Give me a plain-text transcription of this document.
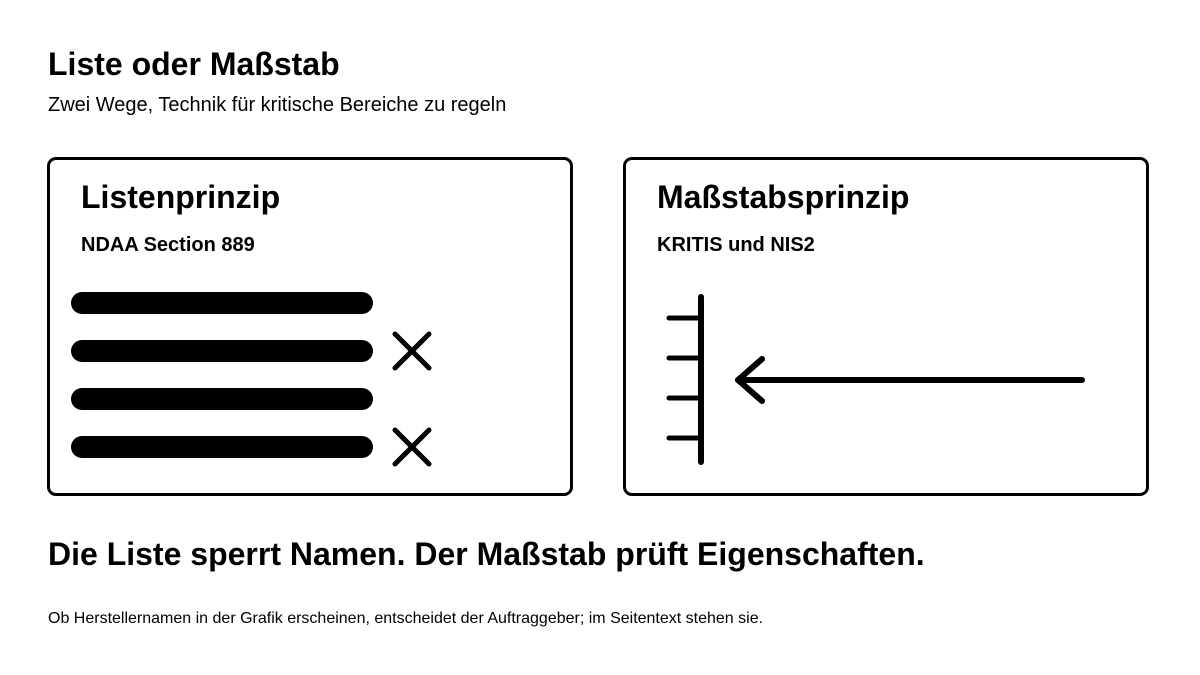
Liste oder Maßstab
Zwei Wege, Technik für kritische Bereiche zu regeln
Listenprinzip
NDAA Section 889
Maßstabsprinzip
KRITIS und NIS2
Die Liste sperrt Namen. Der Maßstab prüft Eigenschaften.
Ob Herstellernamen in der Grafik erscheinen, entscheidet der Auftraggeber; im Seitentext stehen sie.
